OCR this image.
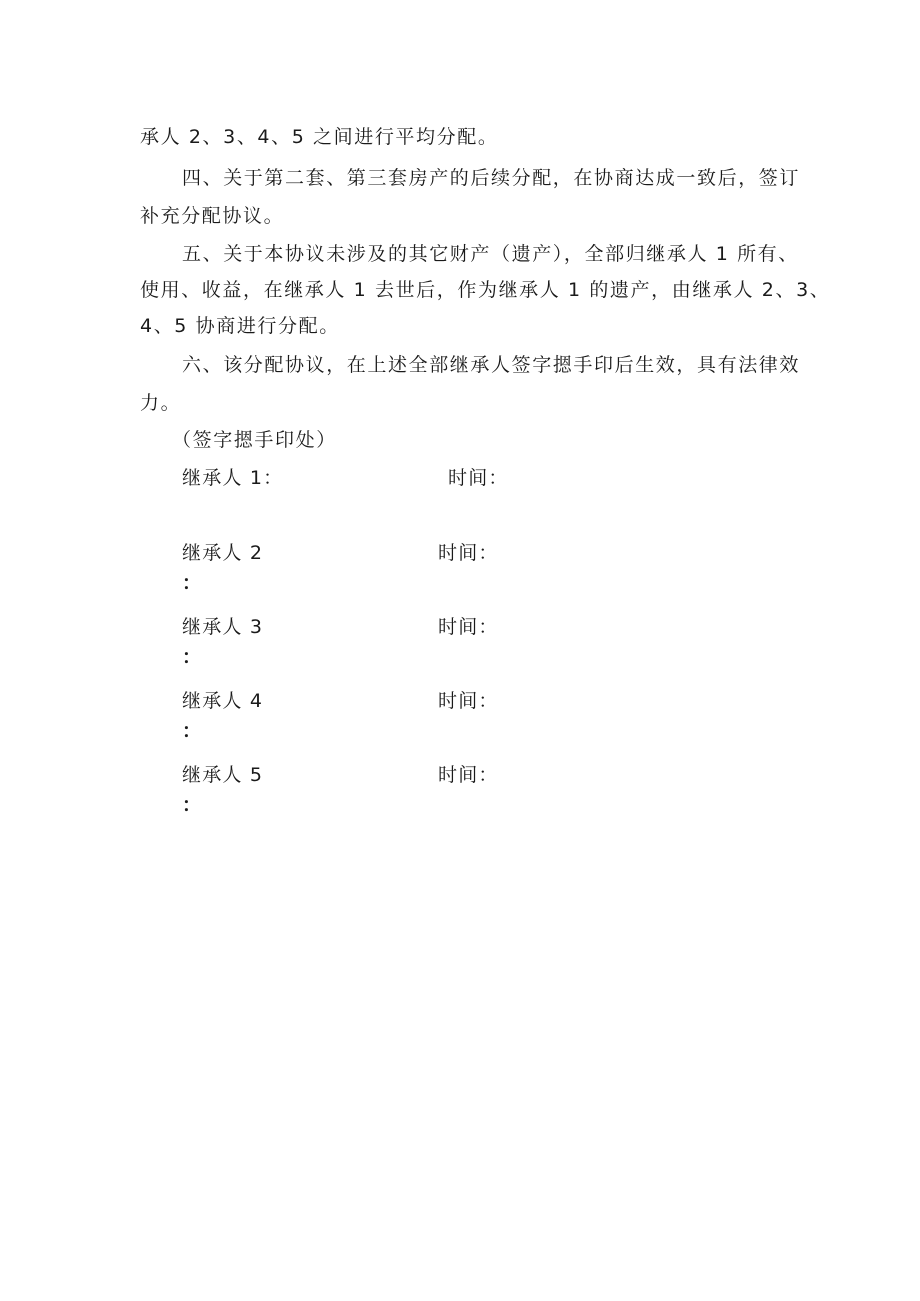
承人 2、3、4、5 之间进行平均分配。
四、关于第二套、第三套房产的后续分配，在协商达成一致后，签订
补充分配协议。
五、关于本协议未涉及的其它财产（遗产），全部归继承人 1 所有、
使用、收益，在继承人 1 去世后，作为继承人 1 的遗产，由继承人 2、3、
4、5 协商进行分配。
六、该分配协议，在上述全部继承人签字摁手印后生效，具有法律效
力。
（签字摁手印处）
继承人 1：	时间：
继承人 2
：
时间：
继承人 3
：
时间：
继承人 4
：
时间：
继承人 5
：
时间：
